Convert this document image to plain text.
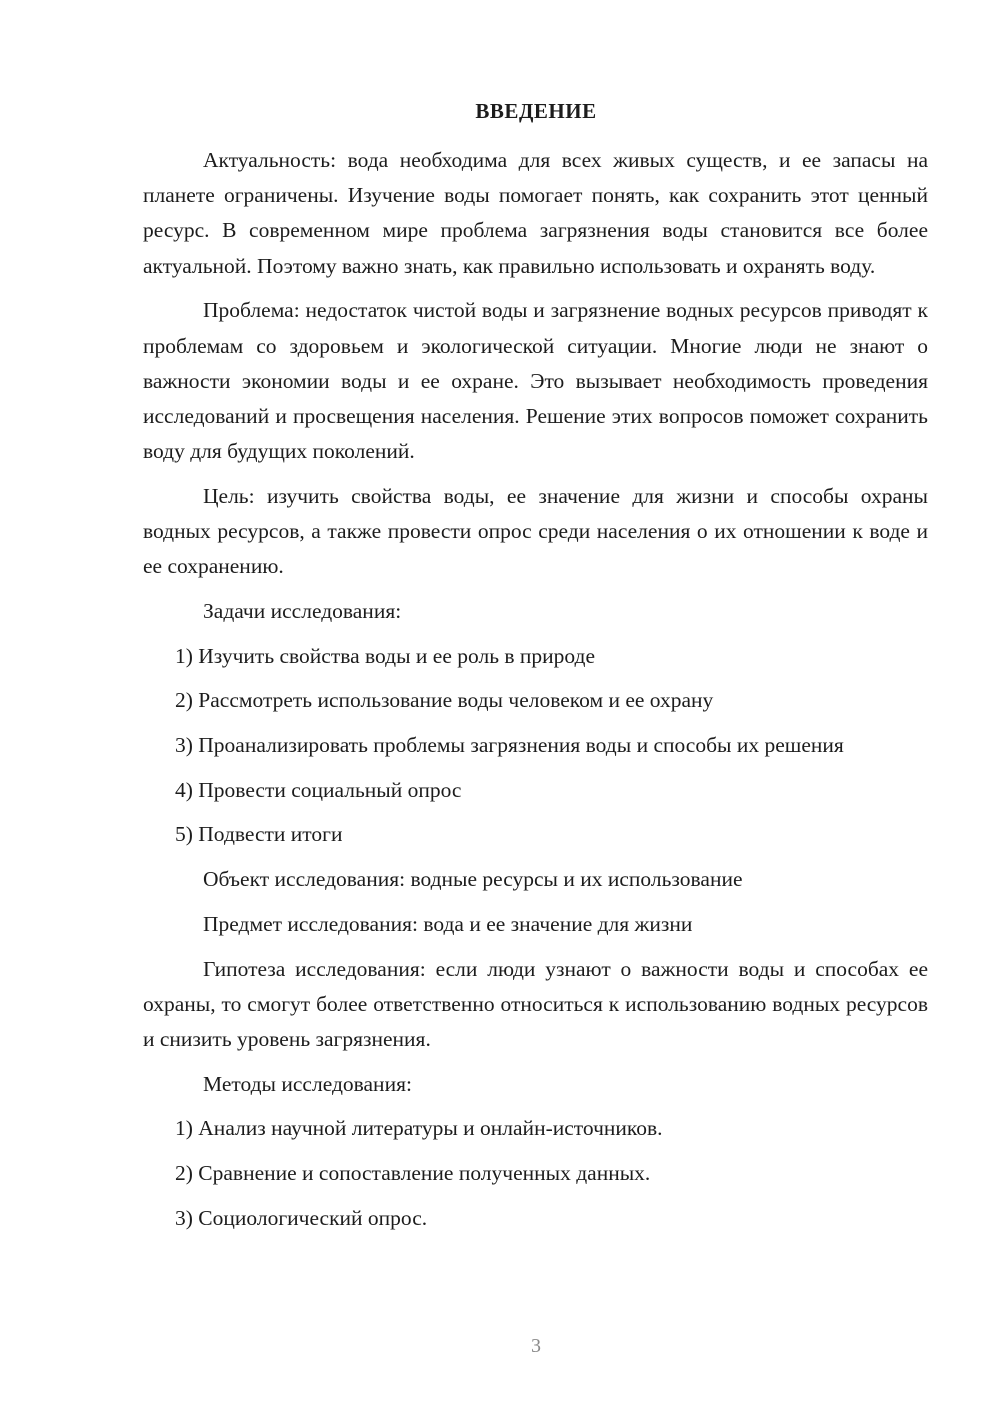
ВВЕДЕНИЕ

Актуальность: вода необходима для всех живых существ, и ее запасы на планете ограничены. Изучение воды помогает понять, как сохранить этот ценный ресурс. В современном мире проблема загрязнения воды становится все более актуальной. Поэтому важно знать, как правильно использовать и охранять воду.

Проблема: недостаток чистой воды и загрязнение водных ресурсов приводят к проблемам со здоровьем и экологической ситуации. Многие люди не знают о важности экономии воды и ее охране. Это вызывает необходимость проведения исследований и просвещения населения. Решение этих вопросов поможет сохранить воду для будущих поколений.

Цель: изучить свойства воды, ее значение для жизни и способы охраны водных ресурсов, а также провести опрос среди населения о их отношении к воде и ее сохранению.

Задачи исследования:

1) Изучить свойства воды и ее роль в природе

2) Рассмотреть использование воды человеком и ее охрану

3) Проанализировать проблемы загрязнения воды и способы их решения

4) Провести социальный опрос

5) Подвести итоги

Объект исследования: водные ресурсы и их использование

Предмет исследования: вода и ее значение для жизни

Гипотеза исследования: если люди узнают о важности воды и способах ее охраны, то смогут более ответственно относиться к использованию водных ресурсов и снизить уровень загрязнения.

Методы исследования:

1) Анализ научной литературы и онлайн-источников.

2) Сравнение и сопоставление полученных данных.

3) Социологический опрос.

3
